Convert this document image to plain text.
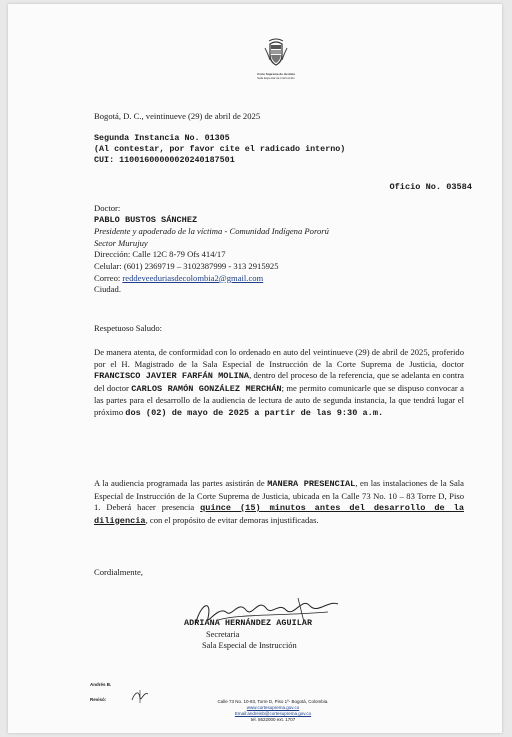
Corte Suprema de Justicia
Sala Especial de Instrucción
Bogotá, D. C., veintinueve (29) de abril de 2025
Segunda Instancia No. 01305
(Al contestar, por favor cite el radicado interno)
CUI: 11001600000020240187501
Oficio No. 03584
Doctor:
PABLO BUSTOS SÁNCHEZ
Presidente y apoderado de la víctima - Comunidad Indígena Pororú
Sector Murujuy
Dirección: Calle 12C 8-79 Ofs 414/17
Celular: (601) 2369719 – 3102387999 - 313 2915925
Correo: reddeveeduriasdecolombia2@gmail.com
Ciudad.
Respetuoso Saludo:
De manera atenta, de conformidad con lo ordenado en auto del veintinueve (29) de abril de 2025, proferido por el H. Magistrado de la Sala Especial de Instrucción de la Corte Suprema de Justicia, doctor FRANCISCO JAVIER FARFÁN MOLINA, dentro del proceso de la referencia, que se adelanta en contra del doctor CARLOS RAMÓN GONZÁLEZ MERCHÁN; me permito comunicarle que se dispuso convocar a las partes para el desarrollo de la audiencia de lectura de auto de segunda instancia, la que tendrá lugar el próximo dos (02) de mayo de 2025 a partir de las 9:30 a.m.
A la audiencia programada las partes asistirán de MANERA PRESENCIAL, en las instalaciones de la Sala Especial de Instrucción de la Corte Suprema de Justicia, ubicada en la Calle 73 No. 10 – 83 Torre D, Piso 1. Deberá hacer presencia quince (15) minutos antes del desarrollo de la diligencia, con el propósito de evitar demoras injustificadas.
Cordialmente,
ADRIANA HERNÁNDEZ AGUILAR
Secretaria
Sala Especial de Instrucción
Andrés B.
Revisó:	Calle 73 No. 10-83, Torre D, Piso 1º- Bogotá, Colombia.
www.cortesuprema.gov.co
Email:andreinb@cortesuprema.gov.co
tel. 5622000 ext. 1707
